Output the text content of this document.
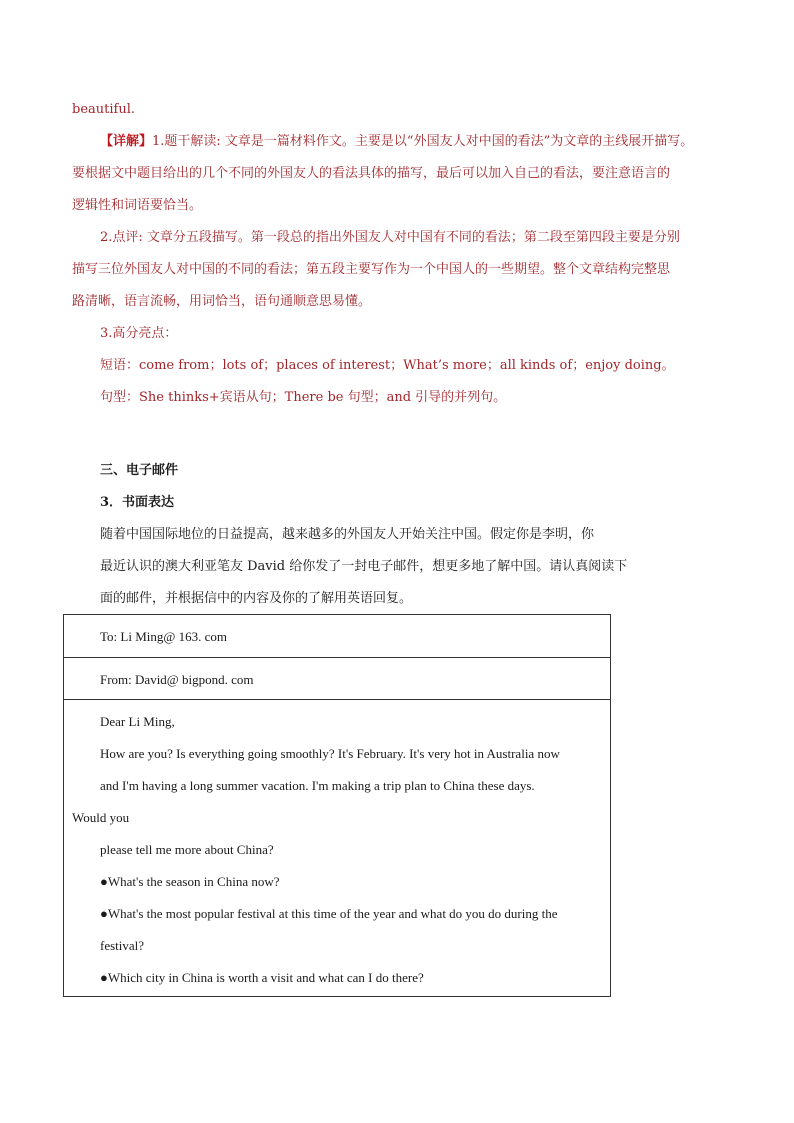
beautiful.
【详解】1.题干解读: 文章是一篇材料作文。主要是以“外国友人对中国的看法”为文章的主线展开描写。
要根据文中题目给出的几个不同的外国友人的看法具体的描写，最后可以加入自己的看法，要注意语言的
逻辑性和词语要恰当。
2.点评: 文章分五段描写。第一段总的指出外国友人对中国有不同的看法；第二段至第四段主要是分别
描写三位外国友人对中国的不同的看法；第五段主要写作为一个中国人的一些期望。整个文章结构完整思
路清晰，语言流畅，用词恰当，语句通顺意思易懂。
3.高分亮点：
短语：come from；lots of；places of interest；What’s more；all kinds of；enjoy doing。
句型：She thinks+宾语从句；There be 句型；and 引导的并列句。
三、电子邮件
3．书面表达
随着中国国际地位的日益提高，越来越多的外国友人开始关注中国。假定你是李明，你
最近认识的澳大利亚笔友 David 给你发了一封电子邮件，想更多地了解中国。请认真阅读下
面的邮件，并根据信中的内容及你的了解用英语回复。
To: Li Ming@ 163. com
From: David@ bigpond. com
Dear Li Ming,
How are you? Is everything going smoothly? It's February. It's very hot in Australia now
and I'm having a long summer vacation. I'm making a trip plan to China these days.
Would you
please tell me more about China?
●What's the season in China now?
●What's the most popular festival at this time of the year and what do you do during the
festival?
●Which city in China is worth a visit and what can I do there?
